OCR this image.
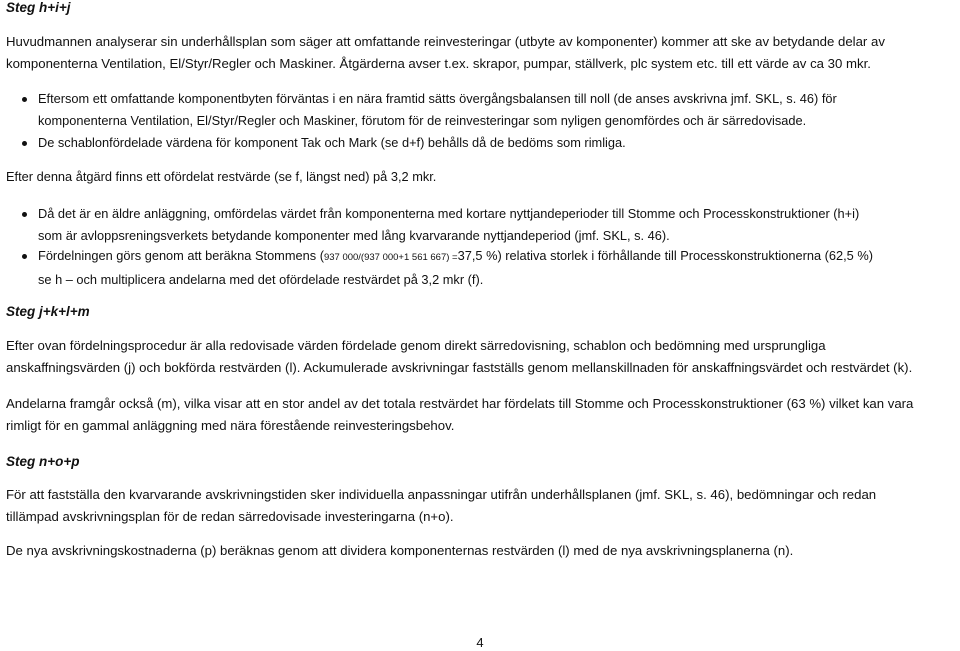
Steg h+i+j
Huvudmannen analyserar sin underhållsplan som säger att omfattande reinvesteringar (utbyte av komponenter) kommer att ske av betydande delar av
komponenterna Ventilation, El/Styr/Regler och Maskiner. Åtgärderna avser t.ex. skrapor, pumpar, ställverk, plc system etc. till ett värde av ca 30 mkr.
Eftersom ett omfattande komponentbyten förväntas i en nära framtid sätts övergångsbalansen till noll (de anses avskrivna jmf. SKL, s. 46) för
komponenterna Ventilation, El/Styr/Regler och Maskiner, förutom för de reinvesteringar som nyligen genomfördes och är särredovisade.
De schablonfördelade värdena för komponent Tak och Mark (se d+f) behålls då de bedöms som rimliga.
Efter denna åtgärd finns ett ofördelat restvärde (se f, längst ned) på 3,2 mkr.
Då det är en äldre anläggning, omfördelas värdet från komponenterna med kortare nyttjandeperioder till Stomme och Processkonstruktioner (h+i)
som är avloppsreningsverkets betydande komponenter med lång kvarvarande nyttjandeperiod (jmf. SKL, s. 46).
Fördelningen görs genom att beräkna Stommens (937 000/(937 000+1 561 667) =37,5 %) relativa storlek i förhållande till Processkonstruktionerna (62,5 %)
se h – och multiplicera andelarna med det ofördelade restvärdet på 3,2 mkr (f).
Steg j+k+l+m
Efter ovan fördelningsprocedur är alla redovisade värden fördelade genom direkt särredovisning, schablon och bedömning med ursprungliga
anskaffningsvärden (j) och bokförda restvärden (l). Ackumulerade avskrivningar fastställs genom mellanskillnaden för anskaffningsvärdet och restvärdet (k).
Andelarna framgår också (m), vilka visar att en stor andel av det totala restvärdet har fördelats till Stomme och Processkonstruktioner (63 %) vilket kan vara
rimligt för en gammal anläggning med nära förestående reinvesteringsbehov.
Steg n+o+p
För att fastställa den kvarvarande avskrivningstiden sker individuella anpassningar utifrån underhållsplanen (jmf. SKL, s. 46), bedömningar och redan
tillämpad avskrivningsplan för de redan särredovisade investeringarna (n+o).
De nya avskrivningskostnaderna (p) beräknas genom att dividera komponenternas restvärden (l) med de nya avskrivningsplanerna (n).
4
